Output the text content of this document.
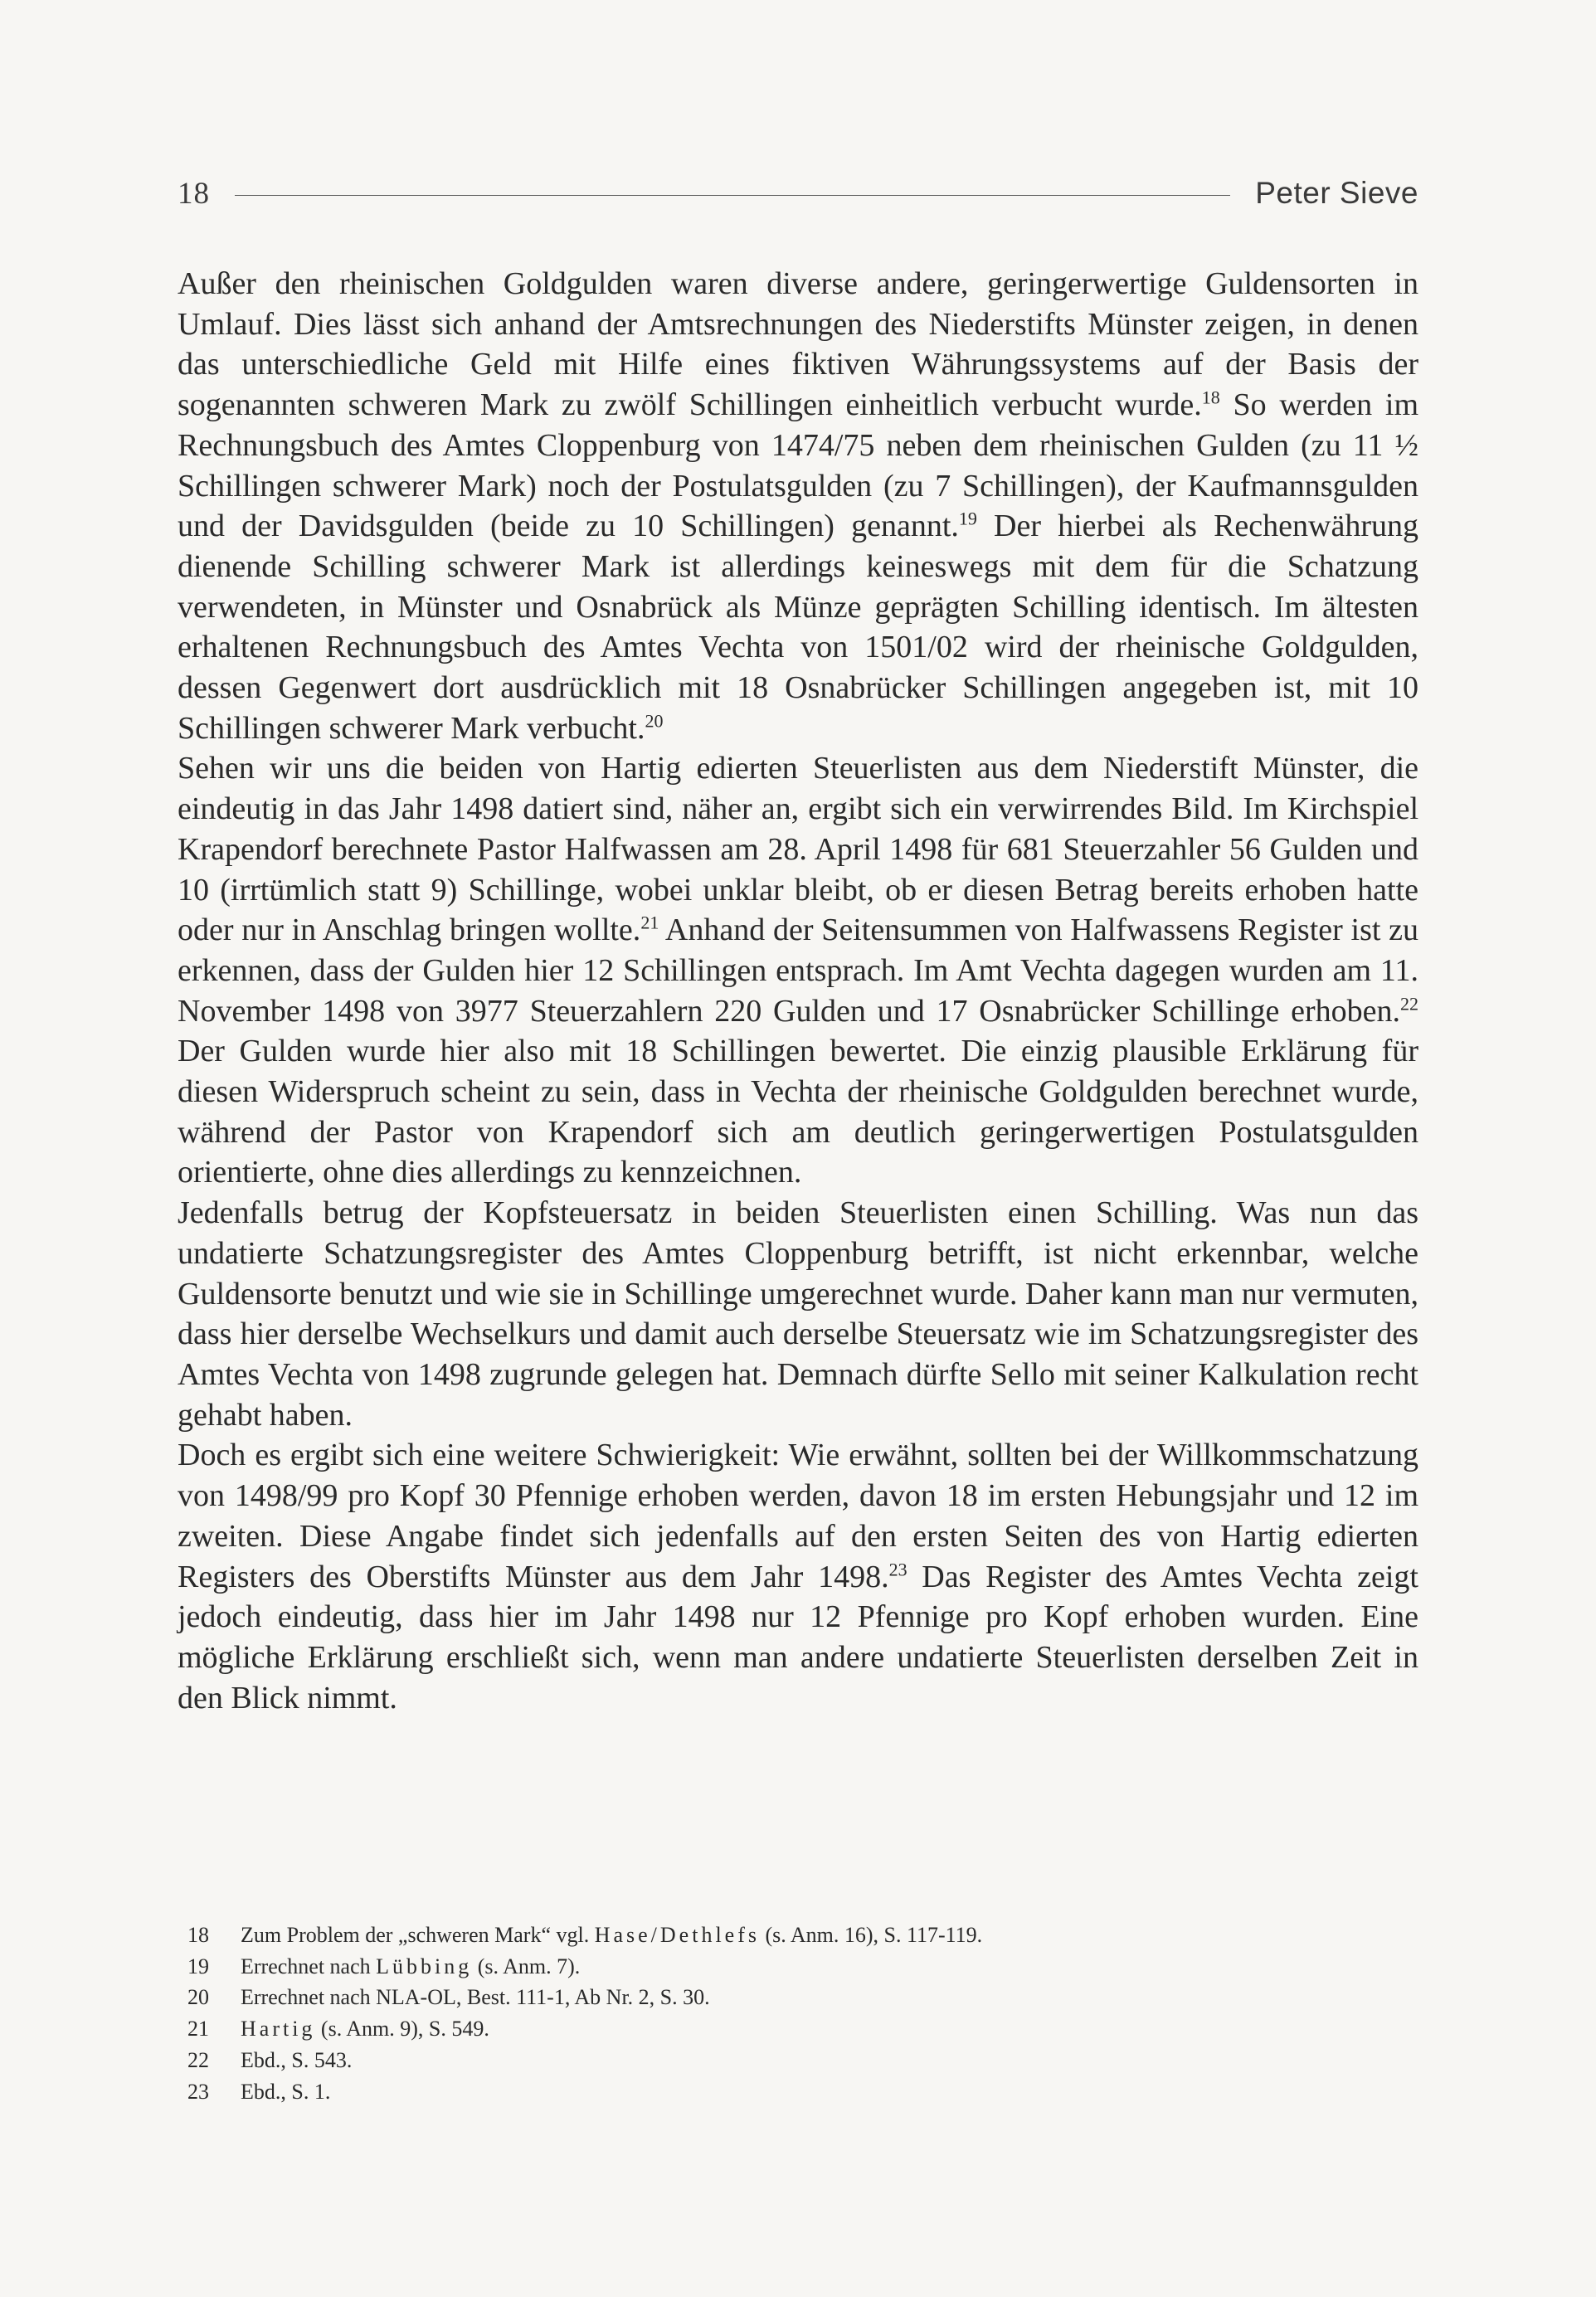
18	Peter Sieve

Außer den rheinischen Goldgulden waren diverse andere, geringerwertige Guldensorten in Umlauf. Dies lässt sich anhand der Amtsrechnungen des Niederstifts Münster zeigen, in denen das unterschiedliche Geld mit Hilfe eines fiktiven Währungssystems auf der Basis der sogenannten schweren Mark zu zwölf Schillingen einheitlich verbucht wurde.$^{18}$ So werden im Rechnungsbuch des Amtes Cloppenburg von 1474/75 neben dem rheinischen Gulden (zu 11 ½ Schillingen schwerer Mark) noch der Postulatsgulden (zu 7 Schillingen), der Kaufmannsgulden und der Davidsgulden (beide zu 10 Schillingen) genannt.$^{19}$ Der hierbei als Rechenwährung dienende Schilling schwerer Mark ist allerdings keineswegs mit dem für die Schatzung verwendeten, in Münster und Osnabrück als Münze geprägten Schilling identisch. Im ältesten erhaltenen Rechnungsbuch des Amtes Vechta von 1501/02 wird der rheinische Goldgulden, dessen Gegenwert dort ausdrücklich mit 18 Osnabrücker Schillingen angegeben ist, mit 10 Schillingen schwerer Mark verbucht.$^{20}$

Sehen wir uns die beiden von Hartig edierten Steuerlisten aus dem Niederstift Münster, die eindeutig in das Jahr 1498 datiert sind, näher an, ergibt sich ein verwirrendes Bild. Im Kirchspiel Krapendorf berechnete Pastor Halfwassen am 28. April 1498 für 681 Steuerzahler 56 Gulden und 10 (irrtümlich statt 9) Schillinge, wobei unklar bleibt, ob er diesen Betrag bereits erhoben hatte oder nur in Anschlag bringen wollte.$^{21}$ Anhand der Seitensummen von Halfwassens Register ist zu erkennen, dass der Gulden hier 12 Schillingen entsprach. Im Amt Vechta dagegen wurden am 11. November 1498 von 3977 Steuerzahlern 220 Gulden und 17 Osnabrücker Schillinge erhoben.$^{22}$ Der Gulden wurde hier also mit 18 Schillingen bewertet. Die einzig plausible Erklärung für diesen Widerspruch scheint zu sein, dass in Vechta der rheinische Goldgulden berechnet wurde, während der Pastor von Krapendorf sich am deutlich geringerwertigen Postulatsgulden orientierte, ohne dies allerdings zu kennzeichnen.

Jedenfalls betrug der Kopfsteuersatz in beiden Steuerlisten einen Schilling. Was nun das undatierte Schatzungsregister des Amtes Cloppenburg betrifft, ist nicht erkennbar, welche Guldensorte benutzt und wie sie in Schillinge umgerechnet wurde. Daher kann man nur vermuten, dass hier derselbe Wechselkurs und damit auch derselbe Steuersatz wie im Schatzungsregister des Amtes Vechta von 1498 zugrunde gelegen hat. Demnach dürfte Sello mit seiner Kalkulation recht gehabt haben.

Doch es ergibt sich eine weitere Schwierigkeit: Wie erwähnt, sollten bei der Willkommschatzung von 1498/99 pro Kopf 30 Pfennige erhoben werden, davon 18 im ersten Hebungsjahr und 12 im zweiten. Diese Angabe findet sich jedenfalls auf den ersten Seiten des von Hartig edierten Registers des Oberstifts Münster aus dem Jahr 1498.23 Das Register des Amtes Vechta zeigt jedoch eindeutig, dass hier im Jahr 1498 nur 12 Pfennige pro Kopf erhoben wurden. Eine mögliche Erklärung erschließt sich, wenn man andere undatierte Steuerlisten derselben Zeit in den Blick nimmt.

18	Zum Problem der „schweren Mark“ vgl. Hase/Dethlefs (s. Anm. 16), S. 117-119.
19	Errechnet nach Lübbing (s. Anm. 7).
20	Errechnet nach NLA-OL, Best. 111-1, Ab Nr. 2, S. 30.
21	Hartig (s. Anm. 9), S. 549.
22	Ebd., S. 543.
23	Ebd., S. 1.
